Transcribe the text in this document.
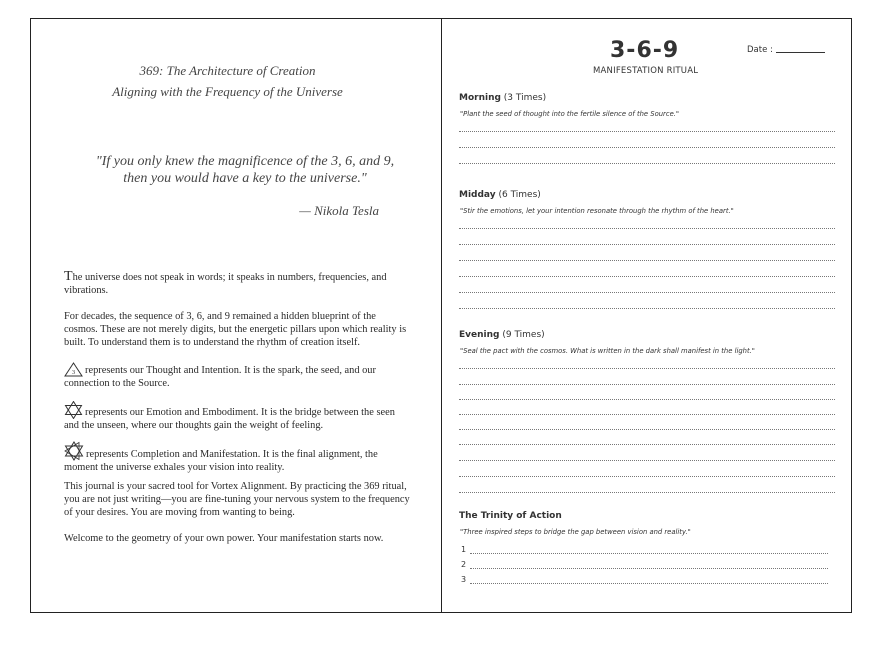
369: The Architecture of Creation
Aligning with the Frequency of the Universe
"If you only knew the magnificence of the 3, 6, and 9,
then you would have a key to the universe."
— Nikola Tesla
The universe does not speak in words; it speaks in numbers, frequencies, and vibrations.
For decades, the sequence of 3, 6, and 9 remained a hidden blueprint of the cosmos. These are not merely digits, but the energetic pillars upon which reality is built. To understand them is to understand the rhythm of creation itself.
3 represents our Thought and Intention. It is the spark, the seed, and our connection to the Source.
represents our Emotion and Embodiment. It is the bridge between the seen and the unseen, where our thoughts gain the weight of feeling.
represents Completion and Manifestation. It is the final alignment, the moment the universe exhales your vision into reality.
This journal is your sacred tool for Vortex Alignment. By practicing the 369 ritual, you are not just writing—you are fine-tuning your nervous system to the frequency of your desires. You are moving from wanting to being.
Welcome to the geometry of your own power. Your manifestation starts now.
3-6-9
MANIFESTATION RITUAL
Date :
Morning (3 Times)
"Plant the seed of thought into the fertile silence of the Source."
Midday (6 Times)
"Stir the emotions, let your intention resonate through the rhythm of the heart."
Evening (9 Times)
"Seal the pact with the cosmos. What is written in the dark shall manifest in the light."
The Trinity of Action
"Three inspired steps to bridge the gap between vision and reality."
1
2
3
